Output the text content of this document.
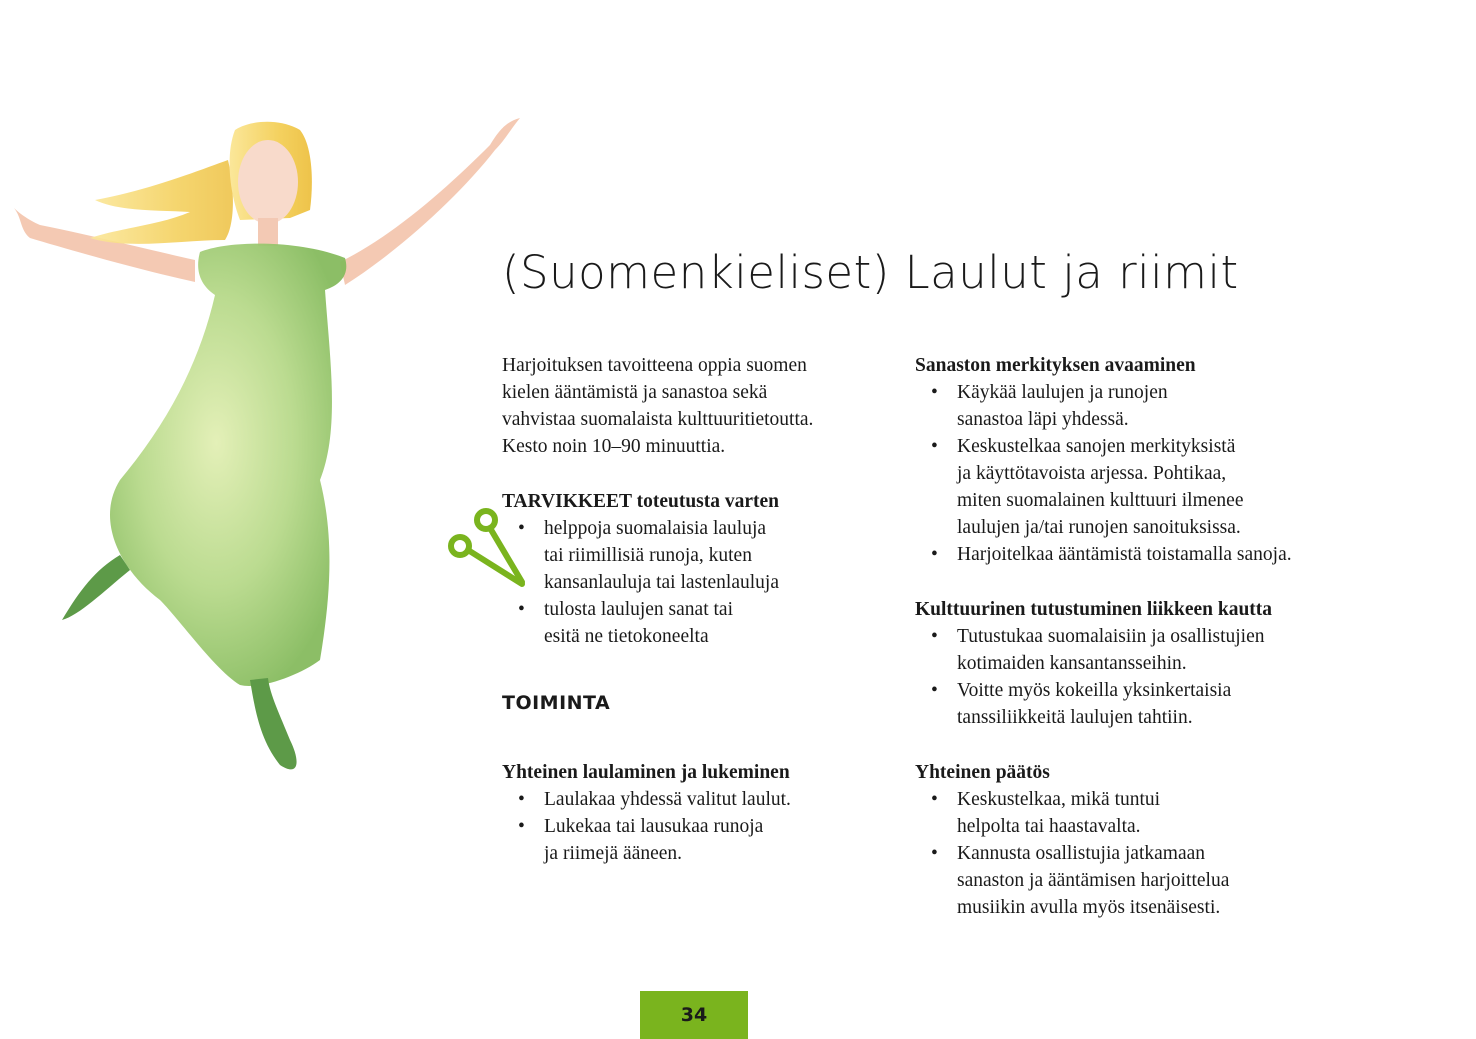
(Suomenkieliset) Laulut ja riimit

Harjoituksen tavoitteena oppia suomen
kielen ääntämistä ja sanastoa sekä
vahvistaa suomalaista kulttuuritietoutta.
Kesto noin 10–90 minuuttia.

TARVIKKEET toteutusta varten
• helppoja suomalaisia lauluja
tai riimillisiä runoja, kuten
kansanlauluja tai lastenlauluja
• tulosta laulujen sanat tai
esitä ne tietokoneelta
TOIMINTA
Yhteinen laulaminen ja lukeminen
• Laulakaa yhdessä valitut laulut.
• Lukekaa tai lausukaa runoja
ja riimejä ääneen.
Sanaston merkityksen avaaminen
• Käykää laulujen ja runojen
sanastoa läpi yhdessä.
• Keskustelkaa sanojen merkityksistä
ja käyttötavoista arjessa. Pohtikaa,
miten suomalainen kulttuuri ilmenee
laulujen ja/tai runojen sanoituksissa.
• Harjoitelkaa ääntämistä toistamalla sanoja.
Kulttuurinen tutustuminen liikkeen kautta
• Tutustukaa suomalaisiin ja osallistujien
kotimaiden kansantansseihin.
• Voitte myös kokeilla yksinkertaisia
tanssiliikkeitä laulujen tahtiin.
Yhteinen päätös
• Keskustelkaa, mikä tuntui
helpolta tai haastavalta.
• Kannusta osallistujia jatkamaan
sanaston ja ääntämisen harjoittelua
musiikin avulla myös itsenäisesti.
34
